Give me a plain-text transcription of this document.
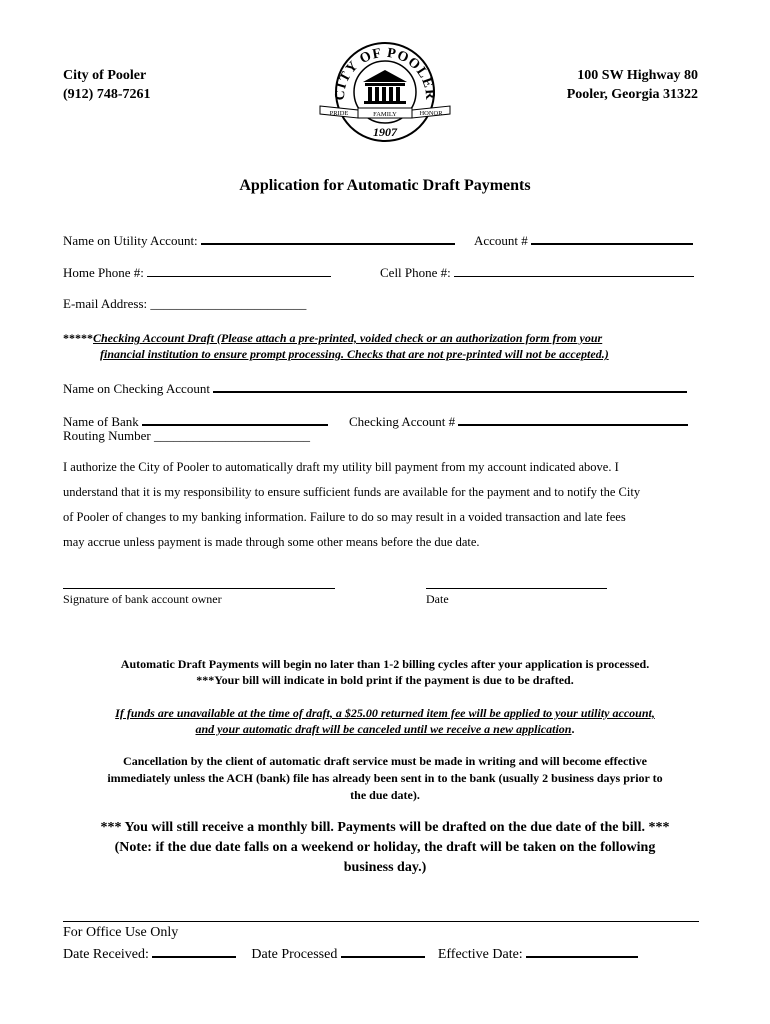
City of Pooler
(912) 748-7261
100 SW Highway 80
Pooler, Georgia 31322
CITY OF POOLER
PRIDE	FAMILY	HONOR
1907
Application for Automatic Draft Payments
Name on Utility Account:	Account #
Home Phone #:	Cell Phone #:
E-mail Address: ________________________
*****Checking Account Draft (Please attach a pre-printed, voided check or an authorization form from your
financial institution to ensure prompt processing. Checks that are not pre-printed will not be accepted.)
Name on Checking Account
Name of Bank	Checking Account #
Routing Number ________________________
I authorize the City of Pooler to automatically draft my utility bill payment from my account indicated above. I
understand that it is my responsibility to ensure sufficient funds are available for the payment and to notify the City
of Pooler of changes to my banking information. Failure to do so may result in a voided transaction and late fees
may accrue unless payment is made through some other means before the due date.
Signature of bank account owner	Date
Automatic Draft Payments will begin no later than 1-2 billing cycles after your application is processed.
***Your bill will indicate in bold print if the payment is due to be drafted.
If funds are unavailable at the time of draft, a $25.00 returned item fee will be applied to your utility account,
and your automatic draft will be canceled until we receive a new application.
Cancellation by the client of automatic draft service must be made in writing and will become effective
immediately unless the ACH (bank) file has already been sent in to the bank (usually 2 business days prior to
the due date).
*** You will still receive a monthly bill. Payments will be drafted on the due date of the bill. ***
(Note: if the due date falls on a weekend or holiday, the draft will be taken on the following
business day.)
For Office Use Only
Date Received:	Date Processed	Effective Date:
